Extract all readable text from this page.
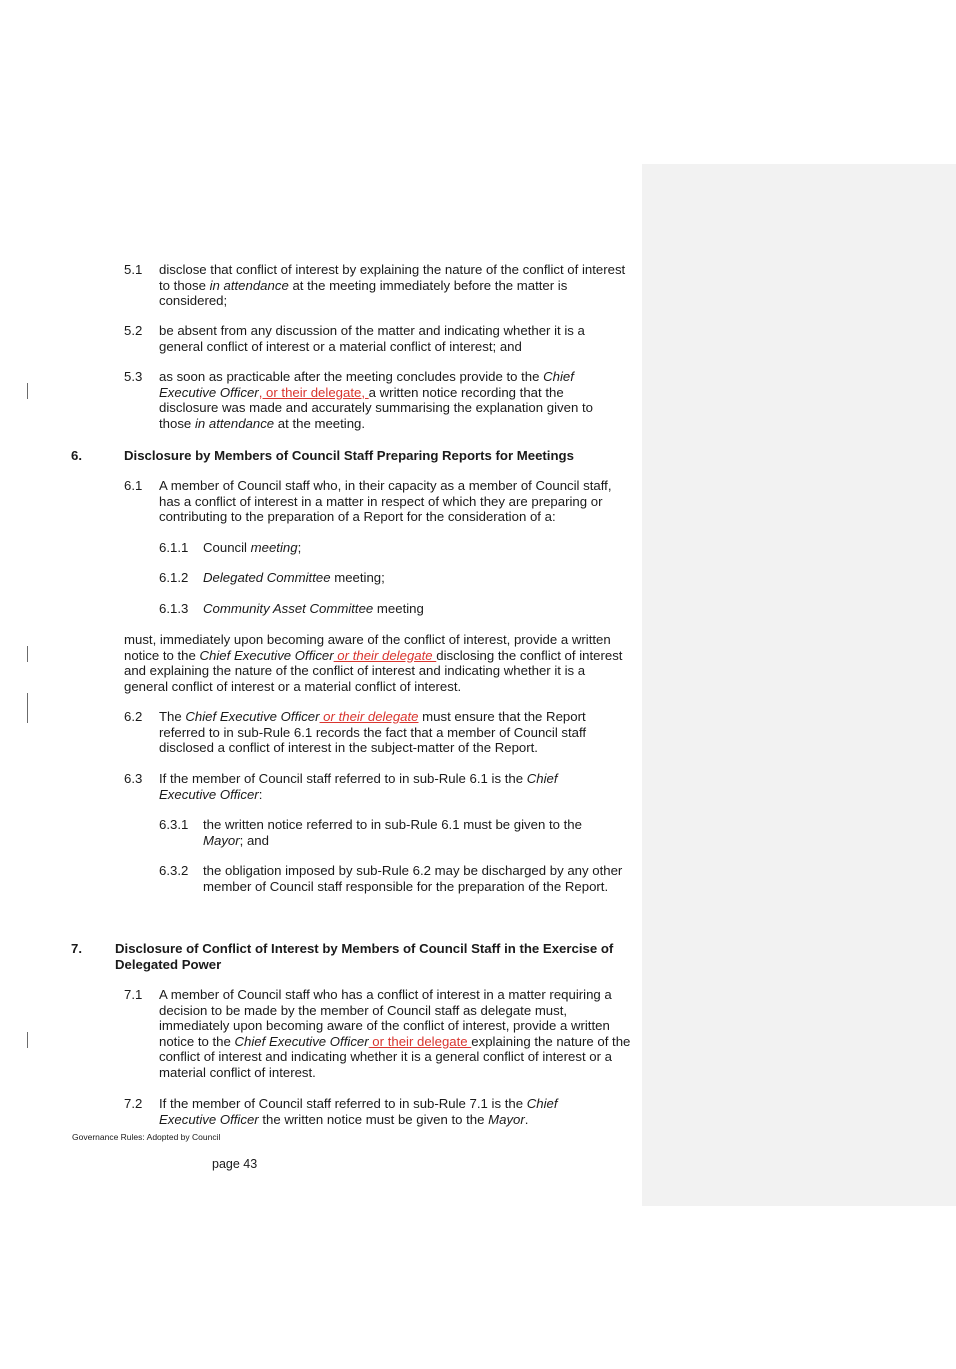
5.1 disclose that conflict of interest by explaining the nature of the conflict of interest to those in attendance at the meeting immediately before the matter is considered;
5.2 be absent from any discussion of the matter and indicating whether it is a general conflict of interest or a material conflict of interest; and
5.3 as soon as practicable after the meeting concludes provide to the Chief Executive Officer, or their delegate, a written notice recording that the disclosure was made and accurately summarising the explanation given to those in attendance at the meeting.
6.	Disclosure by Members of Council Staff Preparing Reports for Meetings
6.1 A member of Council staff who, in their capacity as a member of Council staff, has a conflict of interest in a matter in respect of which they are preparing or contributing to the preparation of a Report for the consideration of a:
6.1.1 Council meeting;
6.1.2 Delegated Committee meeting;
6.1.3 Community Asset Committee meeting
must, immediately upon becoming aware of the conflict of interest, provide a written notice to the Chief Executive Officer or their delegate disclosing the conflict of interest and explaining the nature of the conflict of interest and indicating whether it is a general conflict of interest or a material conflict of interest.
6.2 The Chief Executive Officer or their delegate must ensure that the Report referred to in sub-Rule 6.1 records the fact that a member of Council staff disclosed a conflict of interest in the subject-matter of the Report.
6.3 If the member of Council staff referred to in sub-Rule 6.1 is the Chief Executive Officer:
6.3.1 the written notice referred to in sub-Rule 6.1 must be given to the Mayor; and
6.3.2 the obligation imposed by sub-Rule 6.2 may be discharged by any other member of Council staff responsible for the preparation of the Report.
7.	Disclosure of Conflict of Interest by Members of Council Staff in the Exercise of Delegated Power
7.1 A member of Council staff who has a conflict of interest in a matter requiring a decision to be made by the member of Council staff as delegate must, immediately upon becoming aware of the conflict of interest, provide a written notice to the Chief Executive Officer or their delegate explaining the nature of the conflict of interest and indicating whether it is a general conflict of interest or a material conflict of interest.
7.2 If the member of Council staff referred to in sub-Rule 7.1 is the Chief Executive Officer the written notice must be given to the Mayor.
Governance Rules: Adopted by Council
page 43
